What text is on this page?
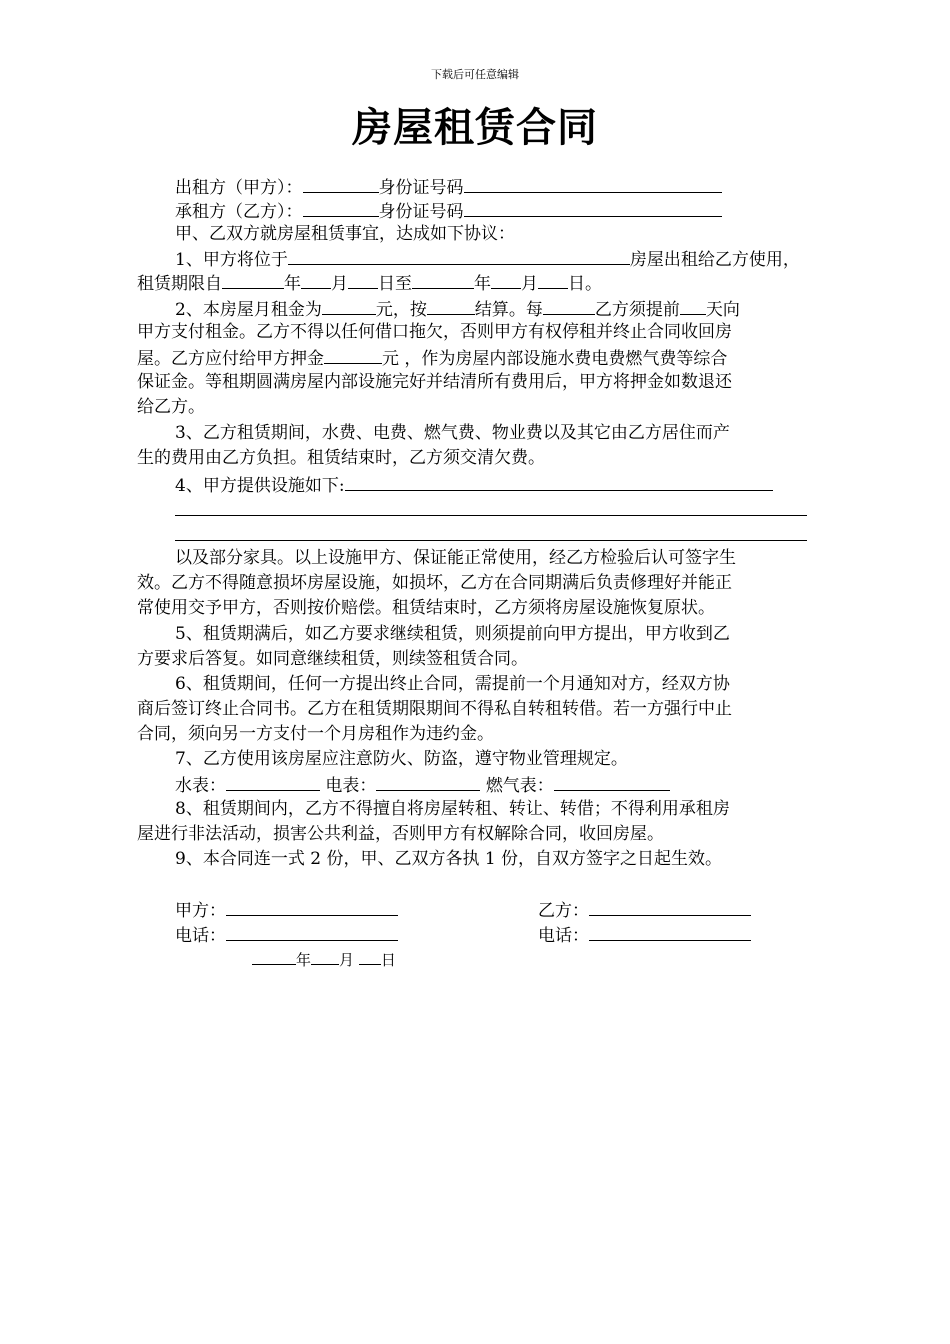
下载后可任意编辑
房屋租赁合同
出租方（甲方）：	身份证号码
承租方（乙方）：	身份证号码
甲、乙双方就房屋租赁事宜，达成如下协议：
1、甲方将位于	房屋出租给乙方使用，
租赁期限自	年 月 日至	年 月 日。
2、本房屋月租金为	元，按	结算。每	乙方须提前 天向
甲方支付租金。乙方不得以任何借口拖欠，否则甲方有权停租并终止合同收回房
屋。乙方应付给甲方押金	元 ，作为房屋内部设施水费电费燃气费等综合
保证金。等租期圆满房屋内部设施完好并结清所有费用后，甲方将押金如数退还
给乙方。
3、乙方租赁期间，水费、电费、燃气费、物业费以及其它由乙方居住而产
生的费用由乙方负担。租赁结束时，乙方须交清欠费。
4、甲方提供设施如下:
以及部分家具。以上设施甲方、保证能正常使用，经乙方检验后认可签字生
效。乙方不得随意损坏房屋设施，如损坏，乙方在合同期满后负责修理好并能正
常使用交予甲方，否则按价赔偿。租赁结束时，乙方须将房屋设施恢复原状。
5、租赁期满后，如乙方要求继续租赁，则须提前向甲方提出，甲方收到乙
方要求后答复。如同意继续租赁，则续签租赁合同。
6、租赁期间，任何一方提出终止合同，需提前一个月通知对方，经双方协
商后签订终止合同书。乙方在租赁期限期间不得私自转租转借。若一方强行中止
合同，须向另一方支付一个月房租作为违约金。
7、乙方使用该房屋应注意防火、防盗，遵守物业管理规定。
水表：	电表：	燃气表：
8、租赁期间内，乙方不得擅自将房屋转租、转让、转借；不得利用承租房
屋进行非法活动，损害公共利益，否则甲方有权解除合同，收回房屋。
9、本合同连一式 2 份，甲、乙双方各执 1 份，自双方签字之日起生效。
甲方：	乙方：
电话：	电话：
年 月 日
